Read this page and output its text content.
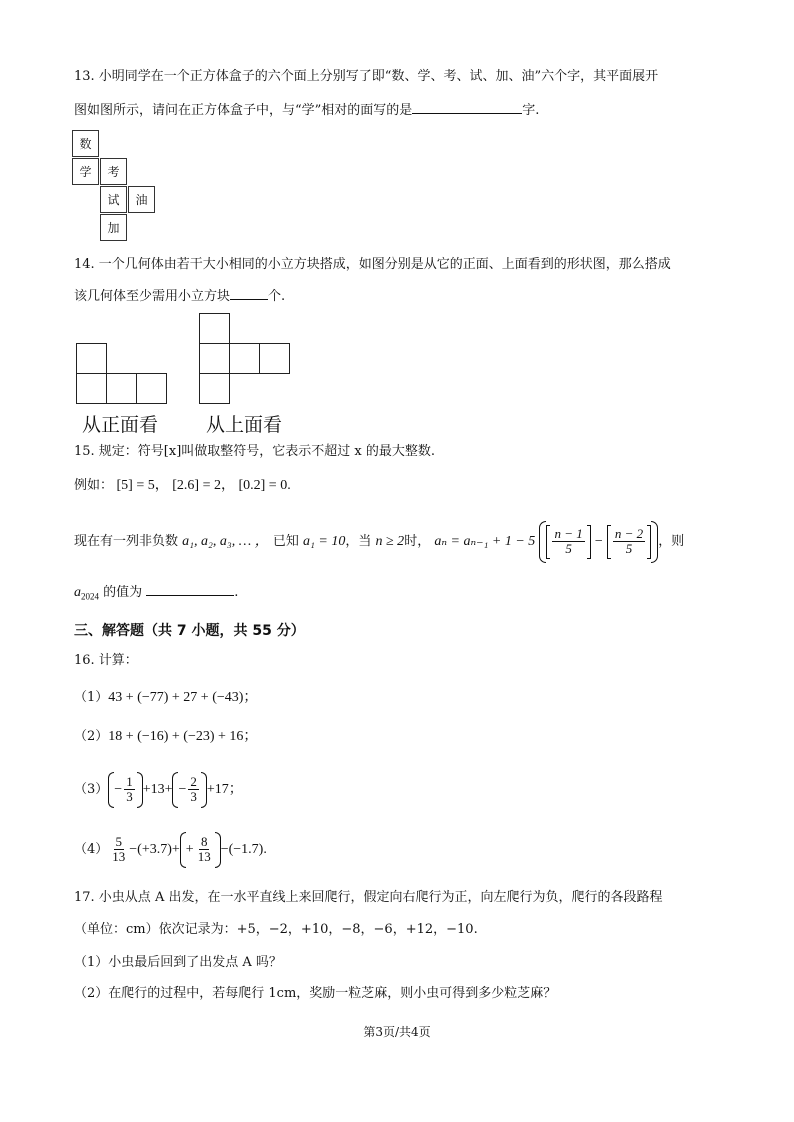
13. 小明同学在一个正方体盒子的六个面上分别写了即“数、学、考、试、加、油”六个字，其平面展开
图如图所示，请问在正方体盒子中，与“学”相对的面写的是	字.
数
学	考
试	油
加
14. 一个几何体由若干大小相同的小立方块搭成，如图分别是从它的正面、上面看到的形状图，那么搭成
该几何体至少需用小立方块	个.
从正面看	从上面看
15. 规定：符号[x]叫做取整符号，它表示不超过 x 的最大整数.
例如： [5] = 5， [2.6] = 2， [0.2] = 0.
现在有一列非负数 a₁, a₂, a₃, … ， 已知 a₁ = 10，当 n ≥ 2时， $a_n = a_{n-1} + 1 - 5 \frac{n - 1}{5} - \frac{n - 2}{5}$ ，则
$a_{2024}$ 的值为	.
三、解答题（共 7 小题，共 55 分）
16. 计算：
（1）43 + (−77) + 27 + (−43)；
（2）18 + (−16) + (−23) + 16；
$(3) - \frac{1}{3} +13+ - \frac{2}{3} +17$；
$(4) \frac{5}{13} -(+3.7)+ + \frac{8}{13} -(-1.7)$.
17. 小虫从点 A 出发，在一水平直线上来回爬行，假定向右爬行为正，向左爬行为负，爬行的各段路程
（单位：cm）依次记录为：+5，−2，+10，−8，−6，+12，−10.
（1）小虫最后回到了出发点 A 吗？
（2）在爬行的过程中，若每爬行 1cm，奖励一粒芝麻，则小虫可得到多少粒芝麻？
第3页/共4页
